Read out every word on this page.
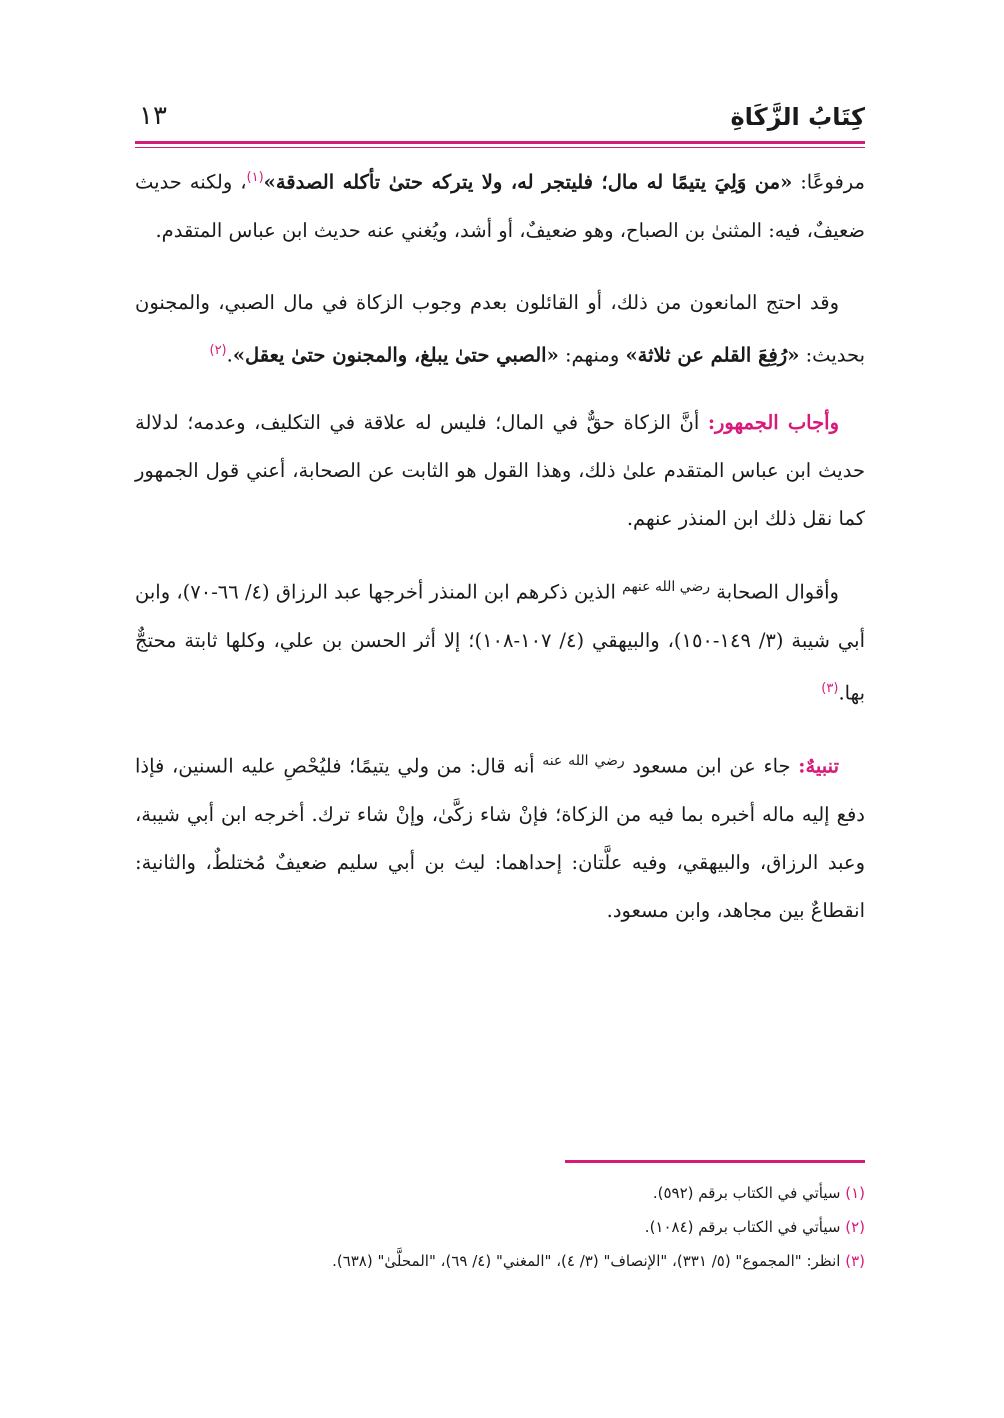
كِتَابُ الزَّكَاةِ
١٣

مرفوعًا: «من وَلِيَ يتيمًا له مال؛ فليتجر له، ولا يتركه حتىٰ تأكله الصدقة»$^{(١)}$، ولكنه حديث ضعيفٌ، فيه: المثنىٰ بن الصباح، وهو ضعيفٌ، أو أشد، ويُغني عنه حديث ابن عباس المتقدم.

وقد احتج المانعون من ذلك، أو القائلون بعدم وجوب الزكاة في مال الصبي، والمجنون بحديث: «رُفِعَ القلم عن ثلاثة» ومنهم: «الصبي حتىٰ يبلغ، والمجنون حتىٰ يعقل».$^{(٢)}$

وأجاب الجمهور: أنَّ الزكاة حقٌّ في المال؛ فليس له علاقة في التكليف، وعدمه؛ لدلالة حديث ابن عباس المتقدم علىٰ ذلك، وهذا القول هو الثابت عن الصحابة، أعني قول الجمهور كما نقل ذلك ابن المنذر عنهم.

وأقوال الصحابة $^{رضي الله عنهم}$ الذين ذكرهم ابن المنذر أخرجها عبد الرزاق (٤/ ٦٦-٧٠)، وابن أبي شيبة (٣/ ١٤٩-١٥٠)، والبيهقي (٤/ ١٠٧-١٠٨)؛ إلا أثر الحسن بن علي، وكلها ثابتة محتجٌّ بها.$^{(٣)}$

تنبيهٌ: جاء عن ابن مسعود $^{رضي الله عنه}$ أنه قال: من ولي يتيمًا؛ فليُحْصِ عليه السنين، فإذا دفع إليه ماله أخبره بما فيه من الزكاة؛ فإنْ شاء زكَّىٰ، وإنْ شاء ترك. أخرجه ابن أبي شيبة، وعبد الرزاق، والبيهقي، وفيه علَّتان: إحداهما: ليث بن أبي سليم ضعيفٌ مُختلطٌ، والثانية: انقطاعٌ بين مجاهد، وابن مسعود.

(١) سيأتي في الكتاب برقم (٥٩٢).
(٢) سيأتي في الكتاب برقم (١٠٨٤).
(٣) انظر: "المجموع" (٥/ ٣٣١)، "الإنصاف" (٣/ ٤)، "المغني" (٤/ ٦٩)، "المحلَّىٰ" (٦٣٨).
